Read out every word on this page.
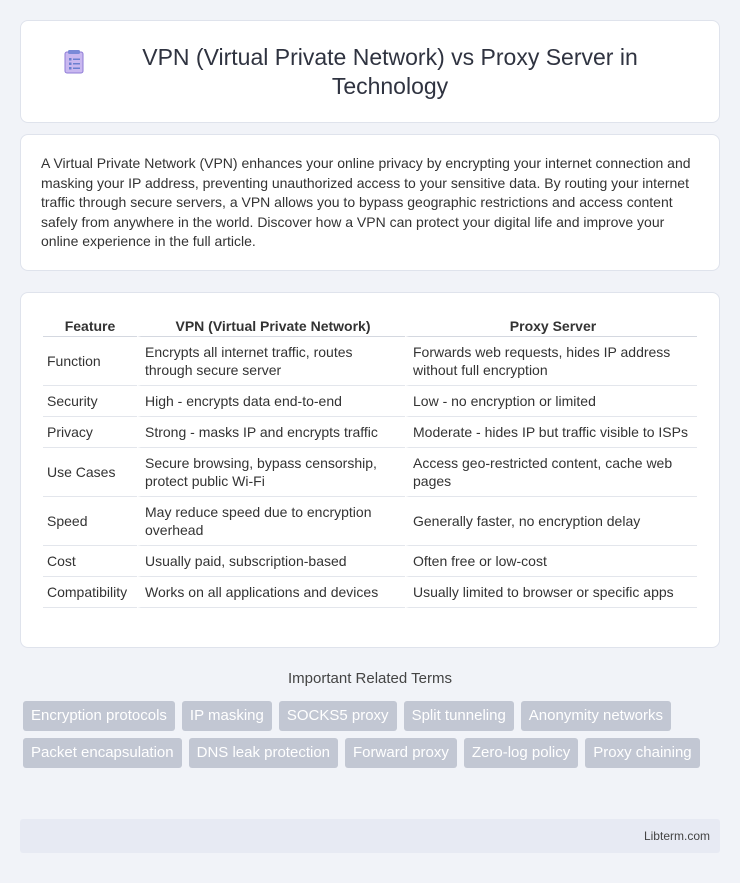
VPN (Virtual Private Network) vs Proxy Server in Technology

A Virtual Private Network (VPN) enhances your online privacy by encrypting your internet connection and masking your IP address, preventing unauthorized access to your sensitive data. By routing your internet traffic through secure servers, a VPN allows you to bypass geographic restrictions and access content safely from anywhere in the world. Discover how a VPN can protect your digital life and improve your online experience in the full article.

Feature	VPN (Virtual Private Network)	Proxy Server
Function	Encrypts all internet traffic, routes through secure server	Forwards web requests, hides IP address without full encryption
Security	High - encrypts data end-to-end	Low - no encryption or limited
Privacy	Strong - masks IP and encrypts traffic	Moderate - hides IP but traffic visible to ISPs
Use Cases	Secure browsing, bypass censorship, protect public Wi-Fi	Access geo-restricted content, cache web pages
Speed	May reduce speed due to encryption overhead	Generally faster, no encryption delay
Cost	Usually paid, subscription-based	Often free or low-cost
Compatibility	Works on all applications and devices	Usually limited to browser or specific apps
Important Related Terms
Encryption protocols	IP masking	SOCKS5 proxy	Split tunneling	Anonymity networks
Packet encapsulation	DNS leak protection	Forward proxy	Zero-log policy	Proxy chaining
Libterm.com
